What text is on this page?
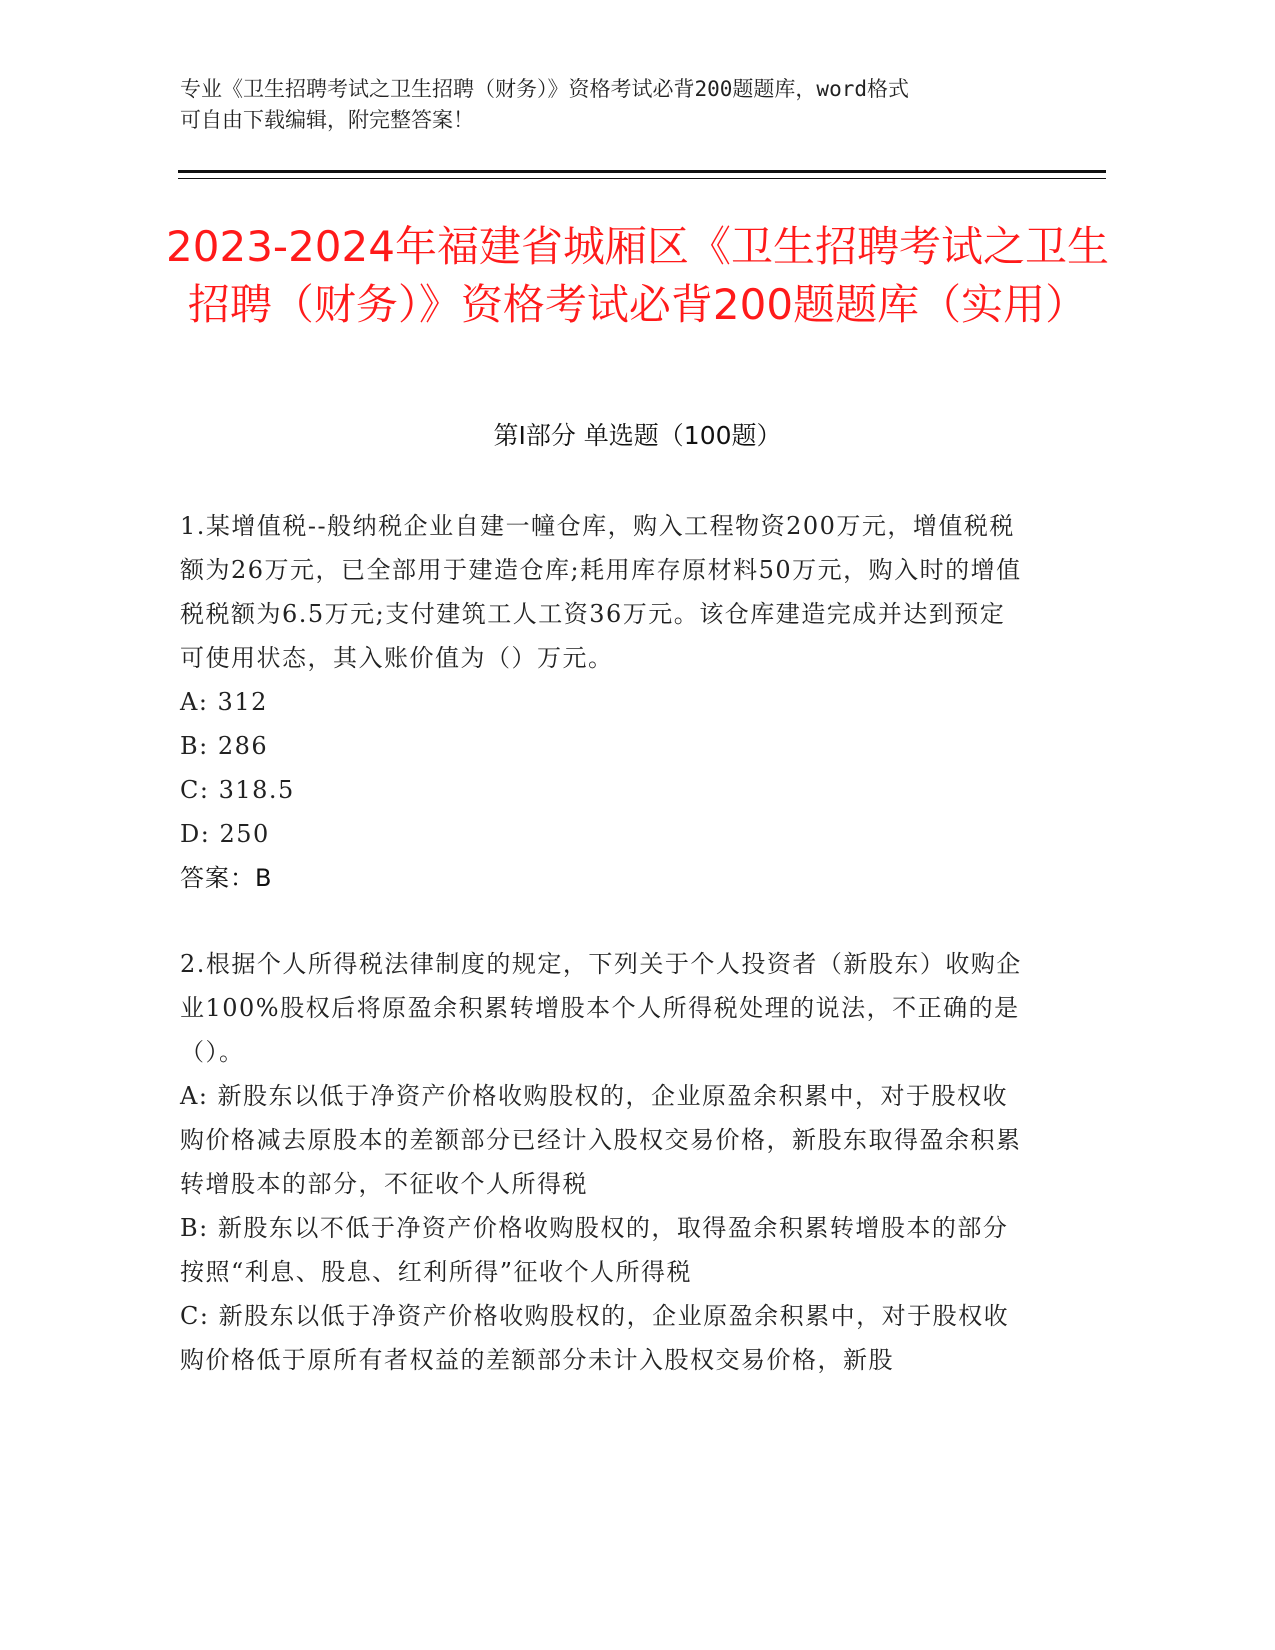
专业《卫生招聘考试之卫生招聘（财务）》资格考试必背200题题库，word格式
可自由下载编辑，附完整答案！
2023-2024年福建省城厢区《卫生招聘考试之卫生招聘（财务）》资格考试必背200题题库（实用）
第I部分 单选题（100题）

1.某增值税--般纳税企业自建一幢仓库，购入工程物资200万元，增值税税额为26万元，已全部用于建造仓库;耗用库存原材料50万元，购入时的增值税税额为6.5万元;支付建筑工人工资36万元。该仓库建造完成并达到预定可使用状态，其入账价值为（）万元。

A: 312

B: 286

C: 318.5

D: 250

答案：B

2.根据个人所得税法律制度的规定，下列关于个人投资者（新股东）收购企业100%股权后将原盈余积累转增股本个人所得税处理的说法，不正确的是（）。

A: 新股东以低于净资产价格收购股权的，企业原盈余积累中，对于股权收购价格减去原股本的差额部分已经计入股权交易价格，新股东取得盈余积累转增股本的部分，不征收个人所得税

B: 新股东以不低于净资产价格收购股权的，取得盈余积累转增股本的部分按照“利息、股息、红利所得”征收个人所得税

C: 新股东以低于净资产价格收购股权的，企业原盈余积累中，对于股权收购价格低于原所有者权益的差额部分未计入股权交易价格，新股
